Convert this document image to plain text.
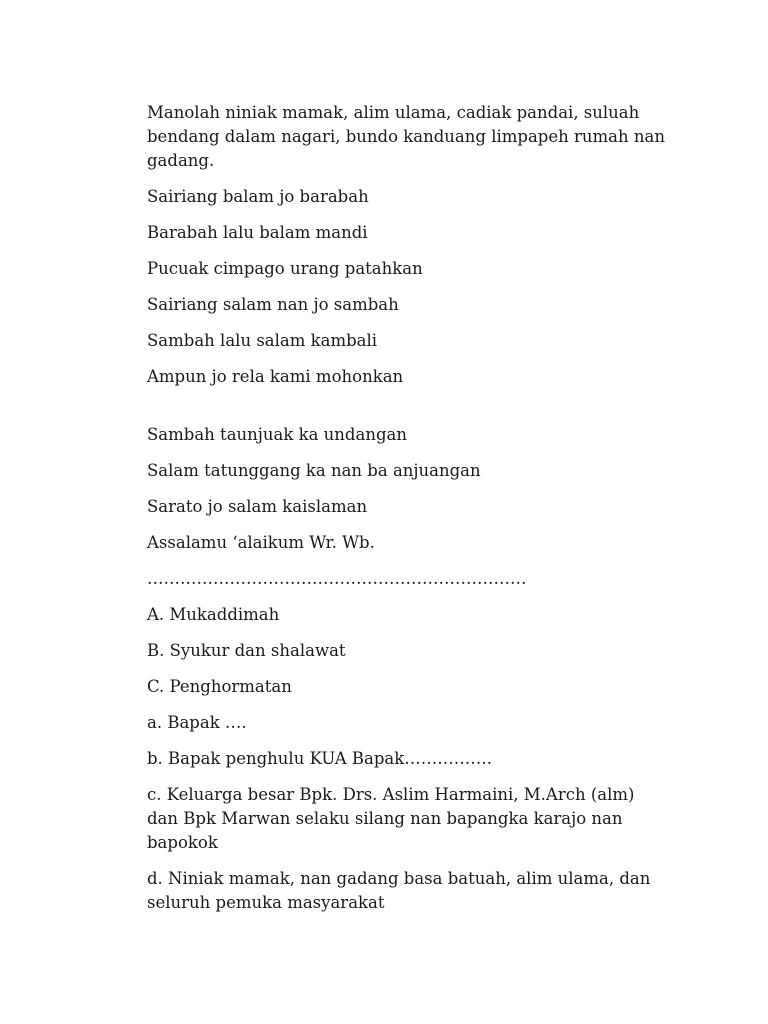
Manolah niniak mamak, alim ulama, cadiak pandai, suluah bendang dalam nagari, bundo kanduang limpapeh rumah nan gadang.

Sairiang balam jo barabah

Barabah lalu balam mandi

Pucuak cimpago urang patahkan

Sairiang salam nan jo sambah

Sambah lalu salam kambali

Ampun jo rela kami mohonkan

Sambah taunjuak ka undangan

Salam tatunggang ka nan ba anjuangan

Sarato jo salam kaislaman

Assalamu ‘alaikum Wr. Wb.

……………………………………………………………

A. Mukaddimah

B. Syukur dan shalawat

C. Penghormatan

a. Bapak ….

b. Bapak penghulu KUA Bapak…………….

c. Keluarga besar Bpk. Drs. Aslim Harmaini, M.Arch (alm) dan Bpk Marwan selaku silang nan bapangka karajo nan bapokok

d. Niniak mamak, nan gadang basa batuah, alim ulama, dan seluruh pemuka masyarakat
